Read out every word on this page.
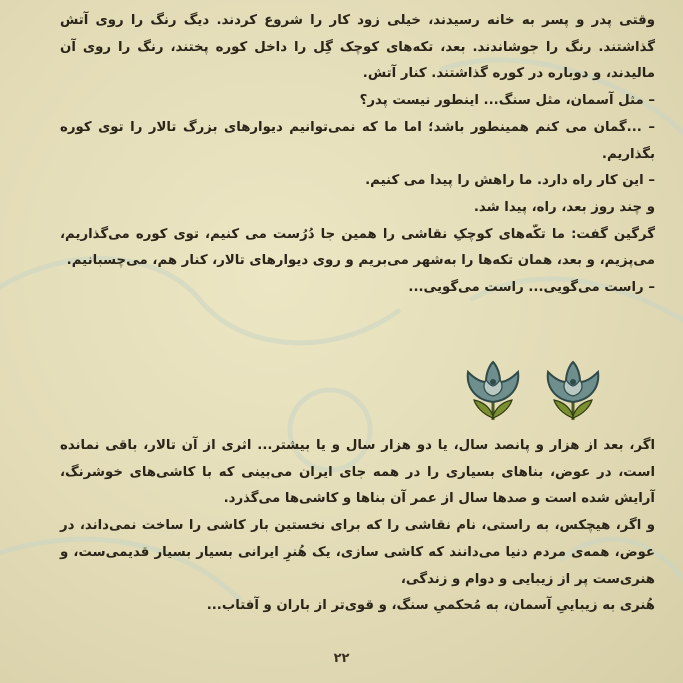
وقتی پدر و پسر به خانه رسیدند، خیلی زود کار را شروع کردند. دیگ رنگ را روی آتش گذاشتند. رنگ را جوشاندند. بعد، تکه‌های کوچک گِل را داخل کوره پختند، رنگ را روی آن مالیدند، و دوباره در کوره گذاشتند. کنار آتش.

– مثل آسمان، مثل سنگ... اینطور نیست پدر؟

– ...گمان می کنم همینطور باشد؛ اما ما که نمی‌توانیم دیوارهای بزرگ تالار را توی کوره بگذاریم.

– این کار راه دارد. ما راهش را پیدا می کنیم.

و چند روز بعد، راه، پیدا شد.

گرگین گفت: ما تکّه‌های کوچکِ نقاشی را همین جا دُرُست می کنیم، توی کوره می‌گذاریم، می‌پزیم، و بعد، همان تکه‌ها را به‌شهر می‌بریم و روی دیوارهای تالار، کنار هم، می‌چسبانیم.

– راست می‌گویی... راست می‌گویی...

اگر، بعد از هزار و پانصد سال، یا دو هزار سال و یا بیشتر... اثری از آن تالار، باقی نمانده است، در عوض، بناهای بسیاری را در همه جای ایران می‌بینی که با کاشی‌های خوشرنگ، آرایش شده است و صدها سال از عمر آن بناها و کاشی‌ها می‌گذرد.

و اگر، هیچکس، به راستی، نام نقاشی را که برای نخستین بار کاشی را ساخت نمی‌داند، در عوض، همه‌ی مردم دنیا می‌دانند که کاشی سازی، یک هُنرِ ایرانی بسیار بسیار قدیمی‌ست، و هنری‌ست پر از زیبایی و دوام و زندگی،

هُنری به زیباییِ آسمان، به مُحکمیِ سنگ، و قوی‌تر از باران و آفتاب...

۲۲
